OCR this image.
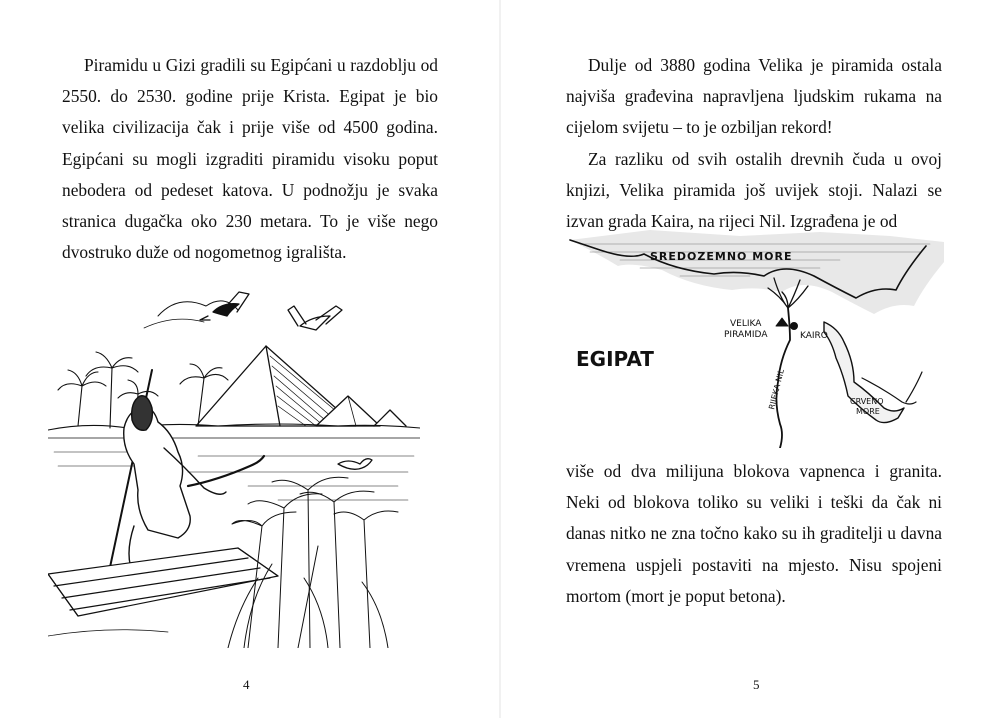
Piramidu u Gizi gradili su Egipćani u razdoblju od 2550. do 2530. godine prije Krista. Egipat je bio velika civilizacija čak i prije više od 4500 godina. Egipćani su mogli izgraditi piramidu visoku poput nebodera od pedeset katova. U podnožju je svaka stranica dugačka oko 230 metara. To je više nego dvostruko duže od nogometnog igrališta.

4

Dulje od 3880 godina Velika je piramida ostala najviša građevina napravljena ljudskim rukama na cijelom svijetu – to je ozbiljan rekord!

Za razliku od svih ostalih drevnih čuda u ovoj knjizi, Velika piramida još uvijek stoji. Nalazi se izvan grada Kaira, na rijeci Nil. Izgrađena je od

SREDOZEMNO MORE
EGIPAT
VELIKA
PIRAMIDA	KAIRO
RIJEKA NIL	CRVENO
MORE

više od dva milijuna blokova vapnenca i granita. Neki od blokova toliko su veliki i teški da čak ni danas nitko ne zna točno kako su ih graditelji u davna vremena uspjeli postaviti na mjesto. Nisu spojeni mortom (mort je poput betona).

5
